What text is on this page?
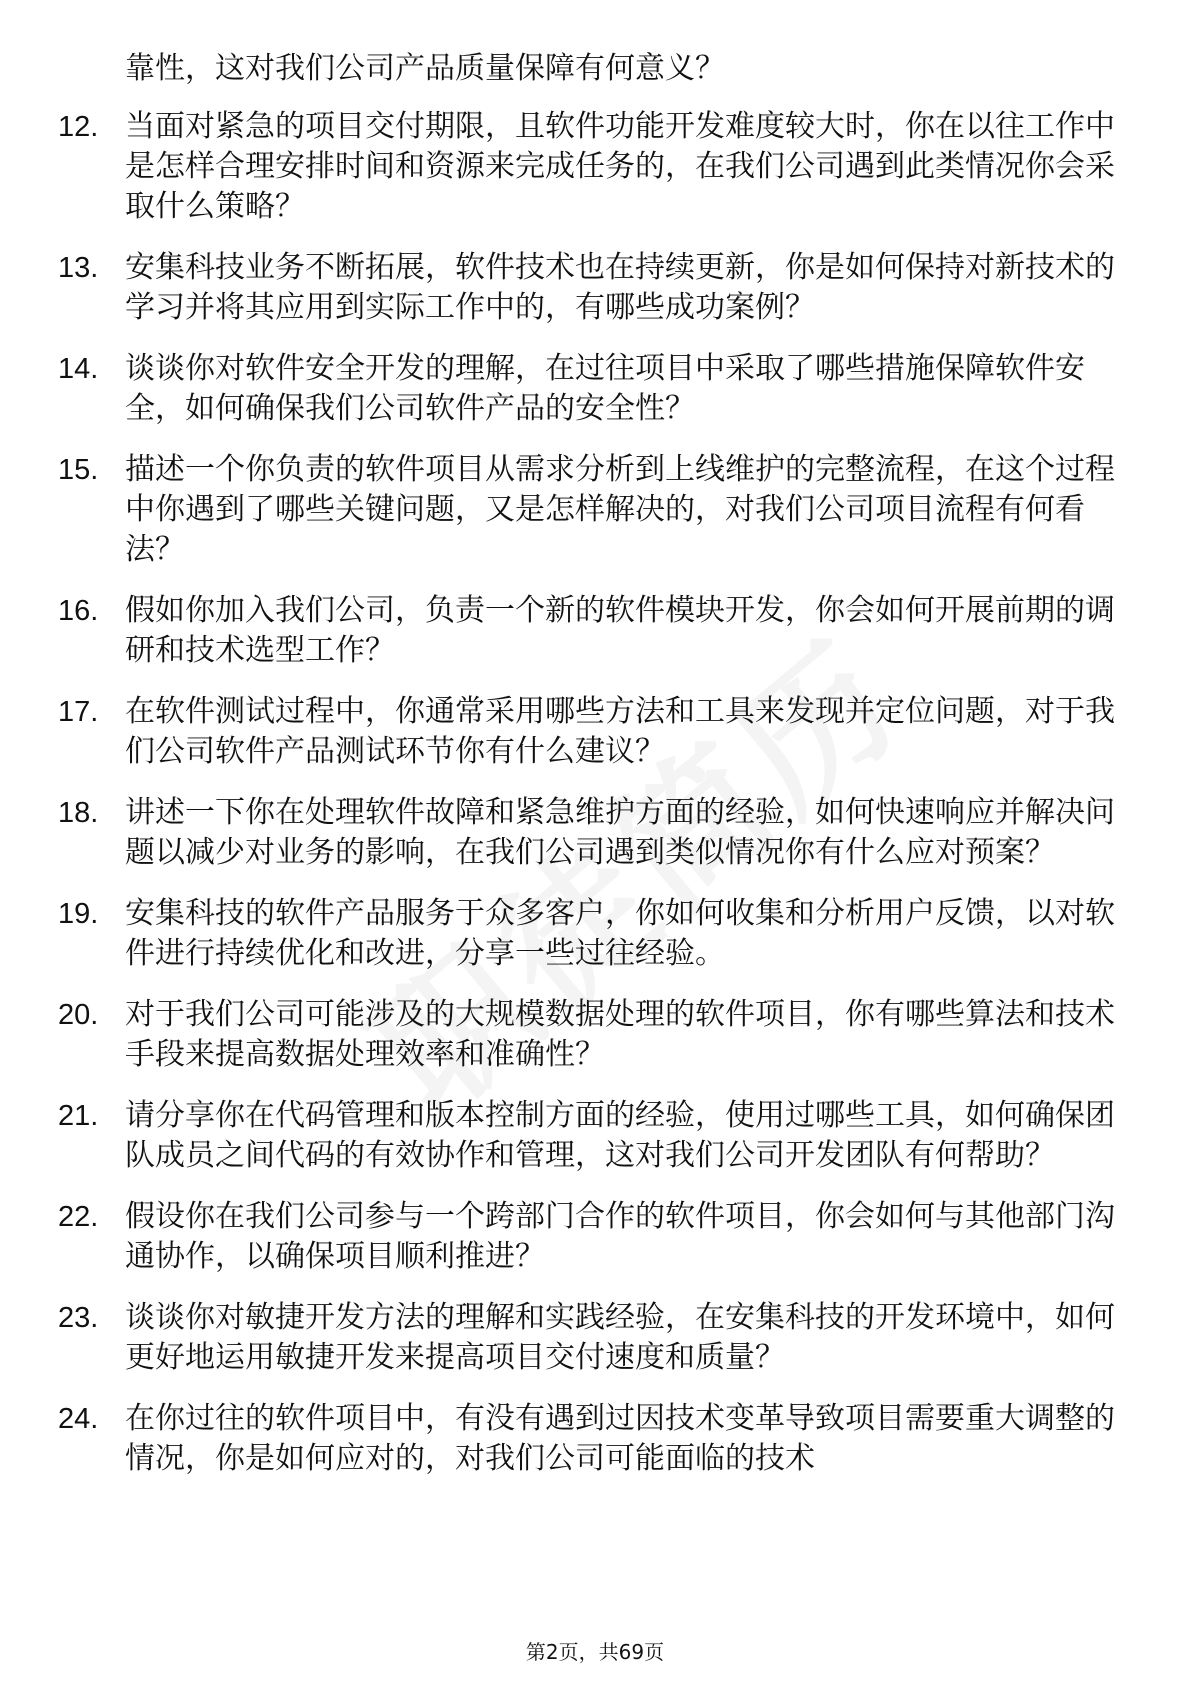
靠性，这对我们公司产品质量保障有何意义？
12. 当面对紧急的项目交付期限，且软件功能开发难度较大时，你在以往工作中是怎样合理安排时间和资源来完成任务的，在我们公司遇到此类情况你会采取什么策略？
13. 安集科技业务不断拓展，软件技术也在持续更新，你是如何保持对新技术的学习并将其应用到实际工作中的，有哪些成功案例？
14. 谈谈你对软件安全开发的理解，在过往项目中采取了哪些措施保障软件安全，如何确保我们公司软件产品的安全性？
15. 描述一个你负责的软件项目从需求分析到上线维护的完整流程，在这个过程中你遇到了哪些关键问题，又是怎样解决的，对我们公司项目流程有何看法？
16. 假如你加入我们公司，负责一个新的软件模块开发，你会如何开展前期的调研和技术选型工作？
17. 在软件测试过程中，你通常采用哪些方法和工具来发现并定位问题，对于我们公司软件产品测试环节你有什么建议？
18. 讲述一下你在处理软件故障和紧急维护方面的经验，如何快速响应并解决问题以减少对业务的影响，在我们公司遇到类似情况你有什么应对预案？
19. 安集科技的软件产品服务于众多客户，你如何收集和分析用户反馈，以对软件进行持续优化和改进，分享一些过往经验。
20. 对于我们公司可能涉及的大规模数据处理的软件项目，你有哪些算法和技术手段来提高数据处理效率和准确性？
21. 请分享你在代码管理和版本控制方面的经验，使用过哪些工具，如何确保团队成员之间代码的有效协作和管理，这对我们公司开发团队有何帮助？
22. 假设你在我们公司参与一个跨部门合作的软件项目，你会如何与其他部门沟通协作，以确保项目顺利推进？
23. 谈谈你对敏捷开发方法的理解和实践经验，在安集科技的开发环境中，如何更好地运用敏捷开发来提高项目交付速度和质量？
24. 在你过往的软件项目中，有没有遇到过因技术变革导致项目需要重大调整的情况，你是如何应对的，对我们公司可能面临的技术
第2页，共69页
